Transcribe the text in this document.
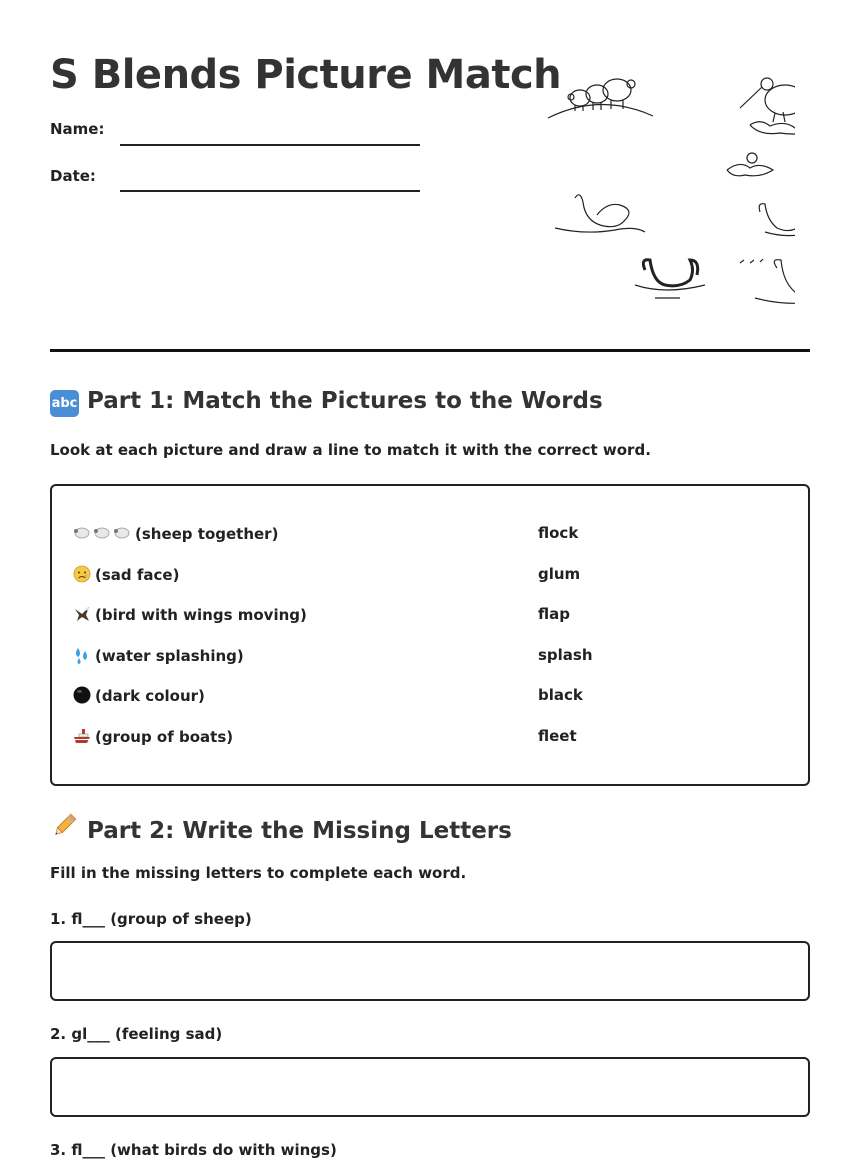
S Blends Picture Match
Name:
Date:
abc Part 1: Match the Pictures to the Words
Look at each picture and draw a line to match it with the correct word.
(sheep together)	flock
(sad face)	glum
(bird with wings moving)	flap
(water splashing)	splash
(dark colour)	black
(group of boats)	fleet
Part 2: Write the Missing Letters
Fill in the missing letters to complete each word.
1. fl___ (group of sheep)
2. gl___ (feeling sad)
3. fl___ (what birds do with wings)
